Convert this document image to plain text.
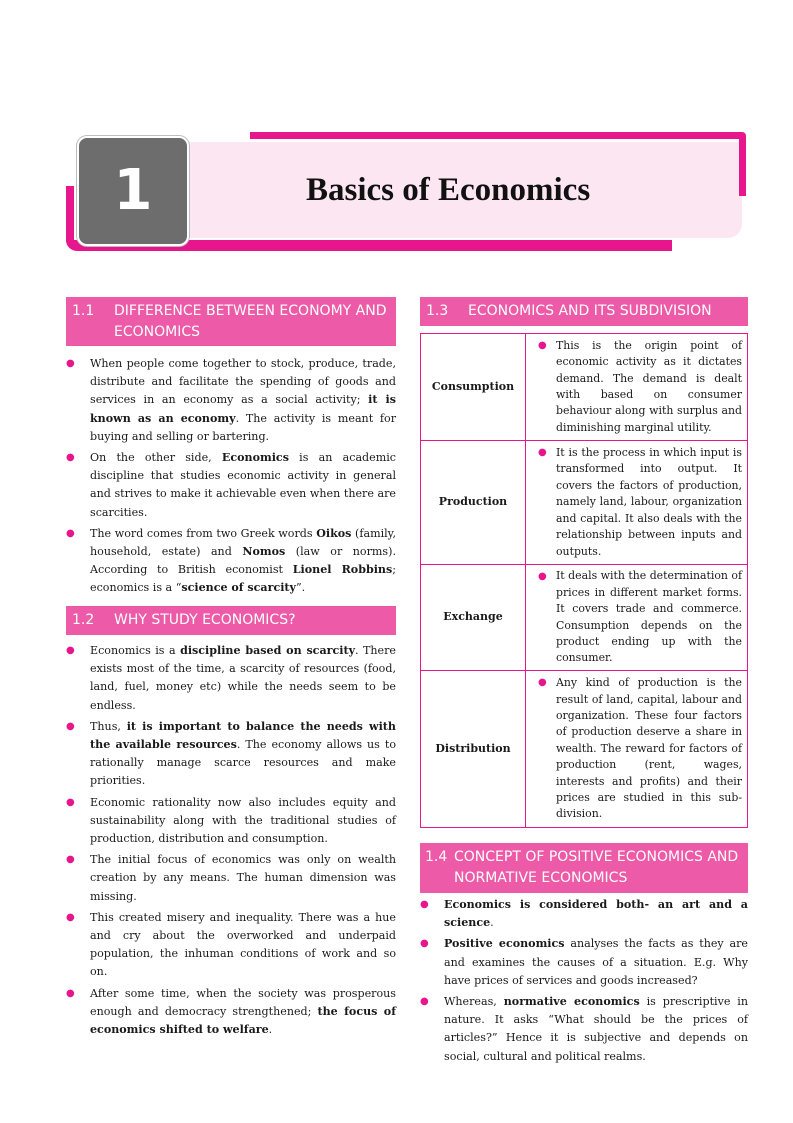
1	Basics of Economics
1.1	DIFFERENCE BETWEEN ECONOMY AND ECONOMICS
● When people come together to stock, produce, trade, distribute and facilitate the spending of goods and services in an economy as a social activity; it is known as an economy. The activity is meant for buying and selling or bartering.
● On the other side, Economics is an academic discipline that studies economic activity in general and strives to make it achievable even when there are scarcities.
● The word comes from two Greek words Oikos (family, household, estate) and Nomos (law or norms). According to British economist Lionel Robbins; economics is a “science of scarcity”.
1.2	WHY STUDY ECONOMICS?
● Economics is a discipline based on scarcity. There exists most of the time, a scarcity of resources (food, land, fuel, money etc) while the needs seem to be endless.
● Thus, it is important to balance the needs with the available resources. The economy allows us to rationally manage scarce resources and make priorities.
● Economic rationality now also includes equity and sustainability along with the traditional studies of production, distribution and consumption.
● The initial focus of economics was only on wealth creation by any means. The human dimension was missing.
● This created misery and inequality. There was a hue and cry about the overworked and underpaid population, the inhuman conditions of work and so on.
● After some time, when the society was prosperous enough and democracy strengthened; the focus of economics shifted to welfare.
1.3	ECONOMICS AND ITS SUBDIVISION
Consumption	● This is the origin point of economic activity as it dictates demand. The demand is dealt with based on consumer behaviour along with surplus and diminishing marginal utility.
Production	● It is the process in which input is transformed into output. It covers the factors of production, namely land, labour, organization and capital. It also deals with the relationship between inputs and outputs.
Exchange	● It deals with the determination of prices in different market forms. It covers trade and commerce. Consumption depends on the product ending up with the consumer.
Distribution	● Any kind of production is the result of land, capital, labour and organization. These four factors of production deserve a share in wealth. The reward for factors of production (rent, wages, interests and profits) and their prices are studied in this sub-division.
1.4 CONCEPT OF POSITIVE ECONOMICS AND NORMATIVE ECONOMICS
● Economics is considered both- an art and a science.
● Positive economics analyses the facts as they are and examines the causes of a situation. E.g. Why have prices of services and goods increased?
● Whereas, normative economics is prescriptive in nature. It asks “What should be the prices of articles?” Hence it is subjective and depends on social, cultural and political realms.
